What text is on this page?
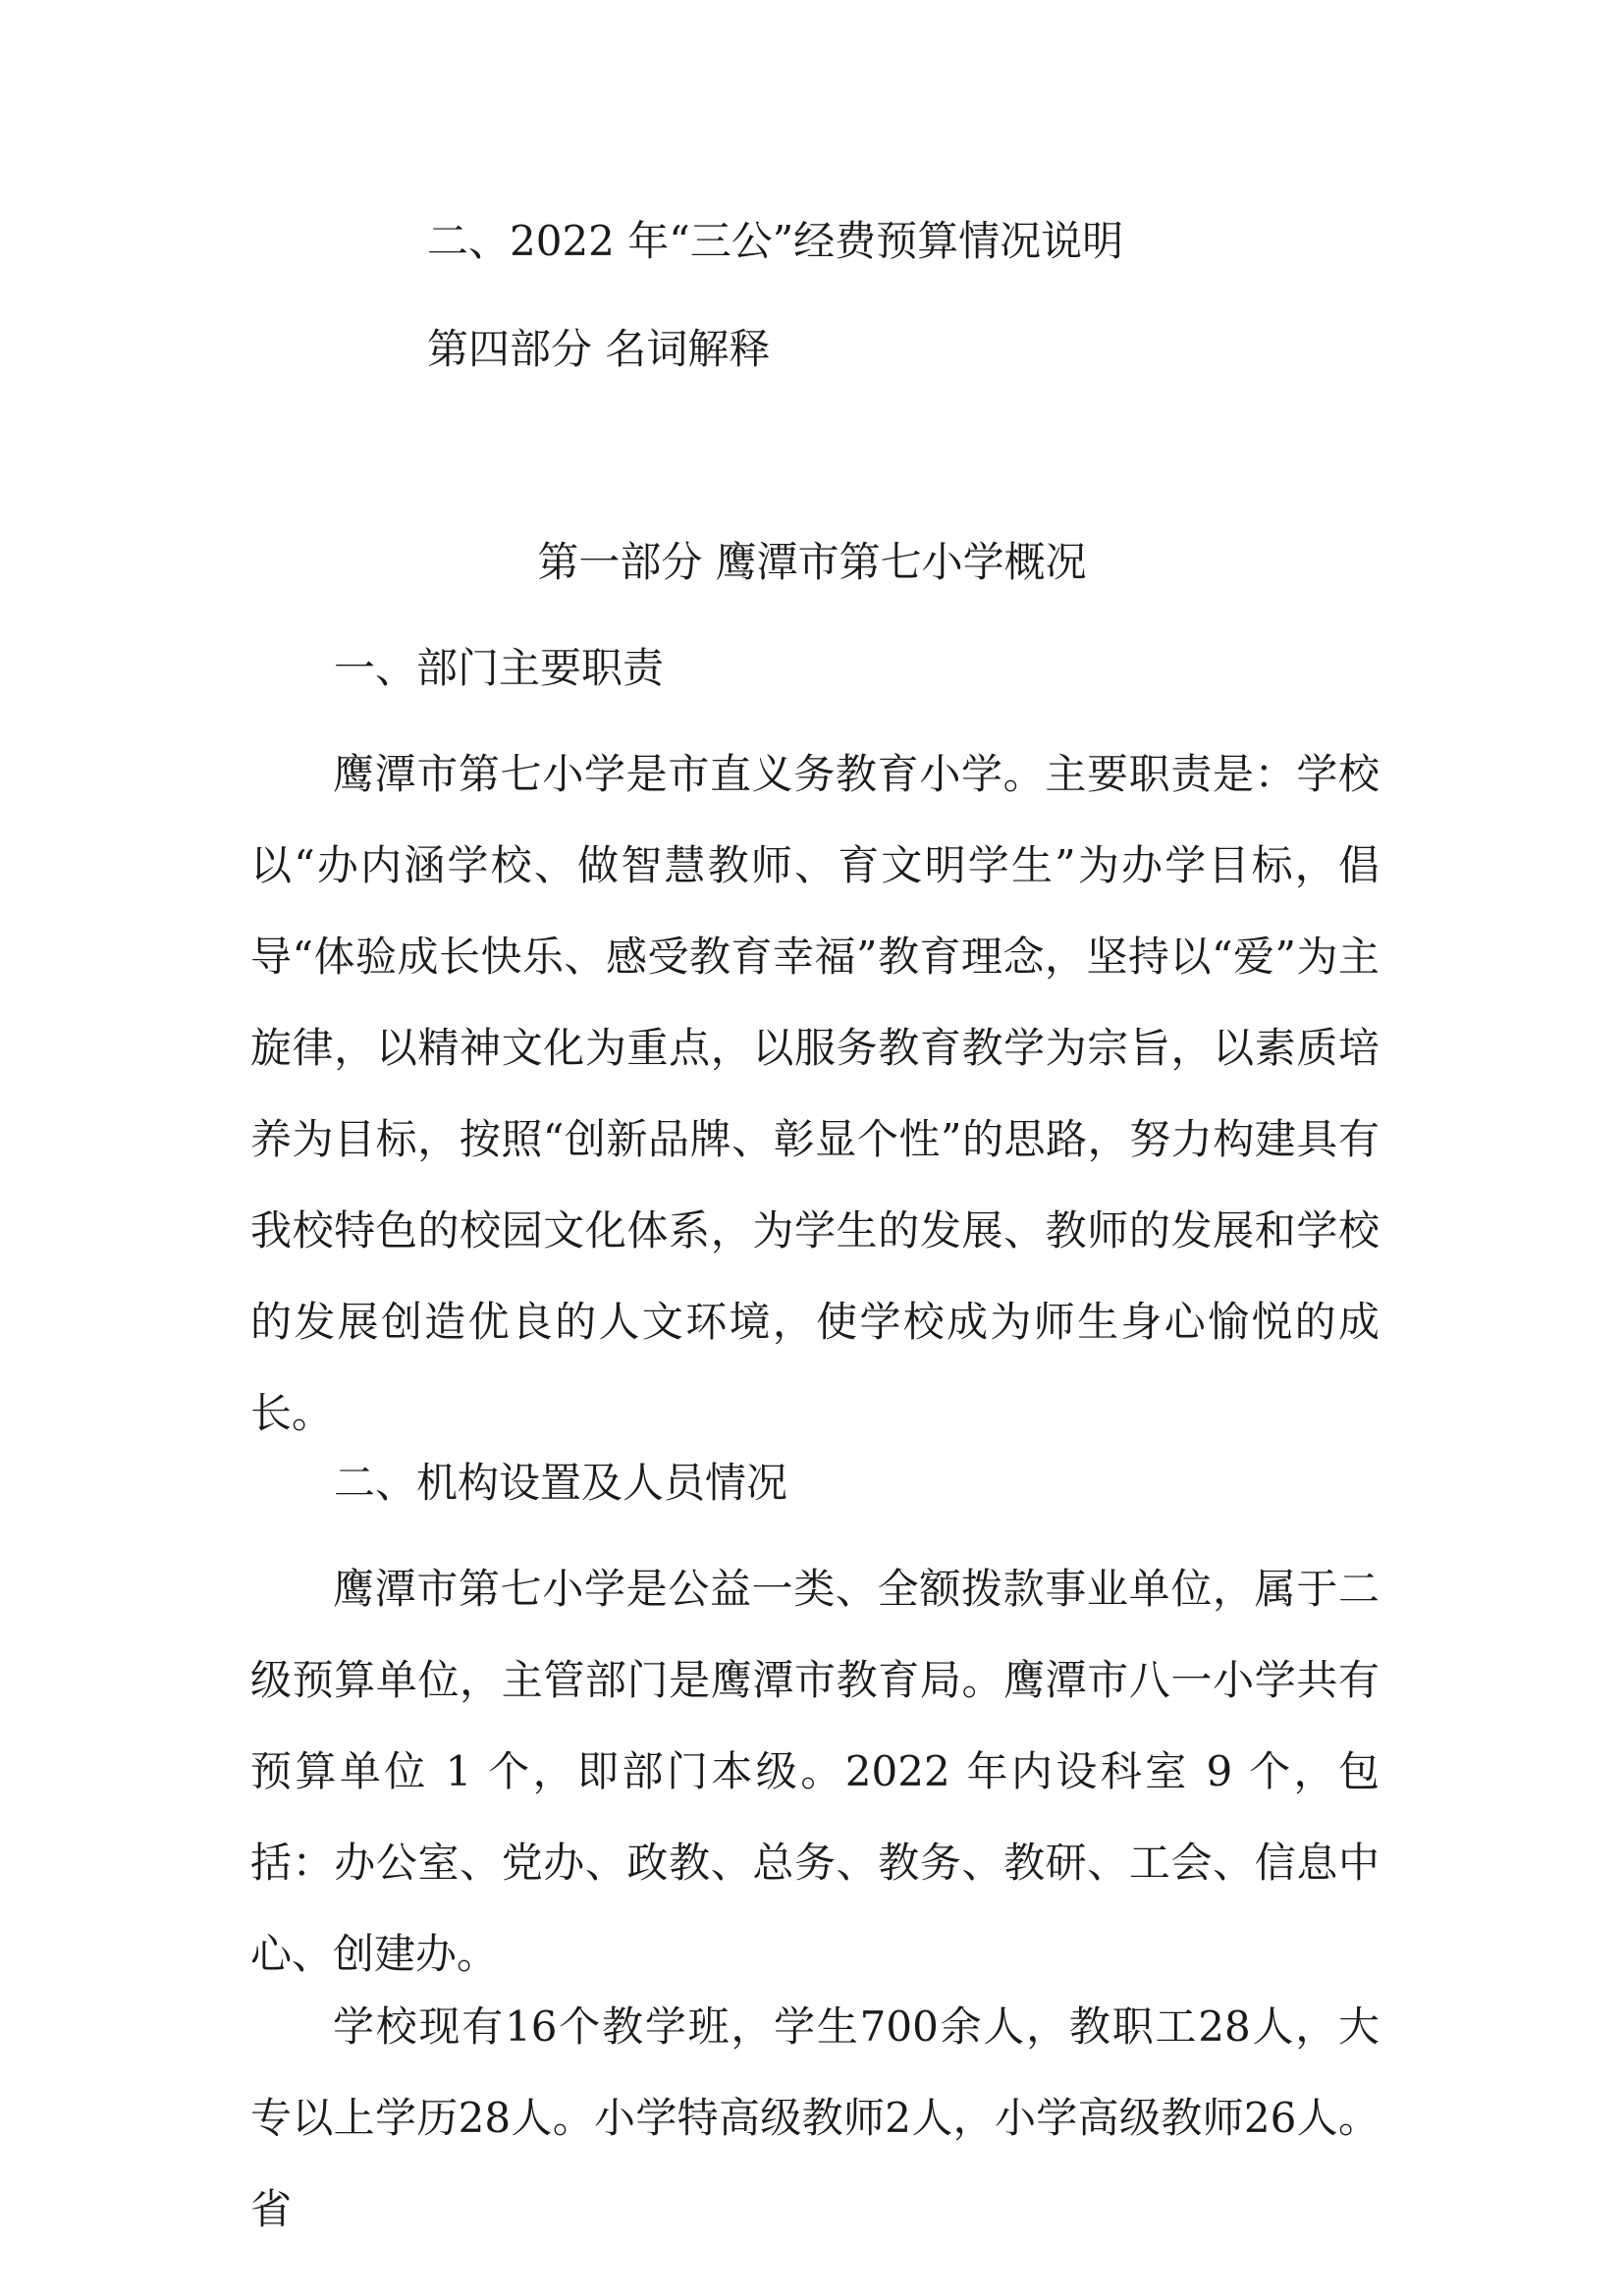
二、2022 年“三公”经费预算情况说明

第四部分 名词解释

第一部分 鹰潭市第七小学概况
一、部门主要职责

鹰潭市第七小学是市直义务教育小学。主要职责是：学校以“办内涵学校、做智慧教师、育文明学生”为办学目标，倡导“体验成长快乐、感受教育幸福”教育理念，坚持以“爱”为主旋律，以精神文化为重点，以服务教育教学为宗旨，以素质培养为目标，按照“创新品牌、彰显个性”的思路，努力构建具有我校特色的校园文化体系，为学生的发展、教师的发展和学校的发展创造优良的人文环境，使学校成为师生身心愉悦的成长。

二、机构设置及人员情况

鹰潭市第七小学是公益一类、全额拨款事业单位，属于二级预算单位，主管部门是鹰潭市教育局。鹰潭市八一小学共有预算单位 1 个，即部门本级。2022 年内设科室 9 个，包括：办公室、党办、政教、总务、教务、教研、工会、信息中心、创建办。

学校现有16个教学班，学生700余人，教职工28人，大专以上学历28人。小学特高级教师2人，小学高级教师26人。省
